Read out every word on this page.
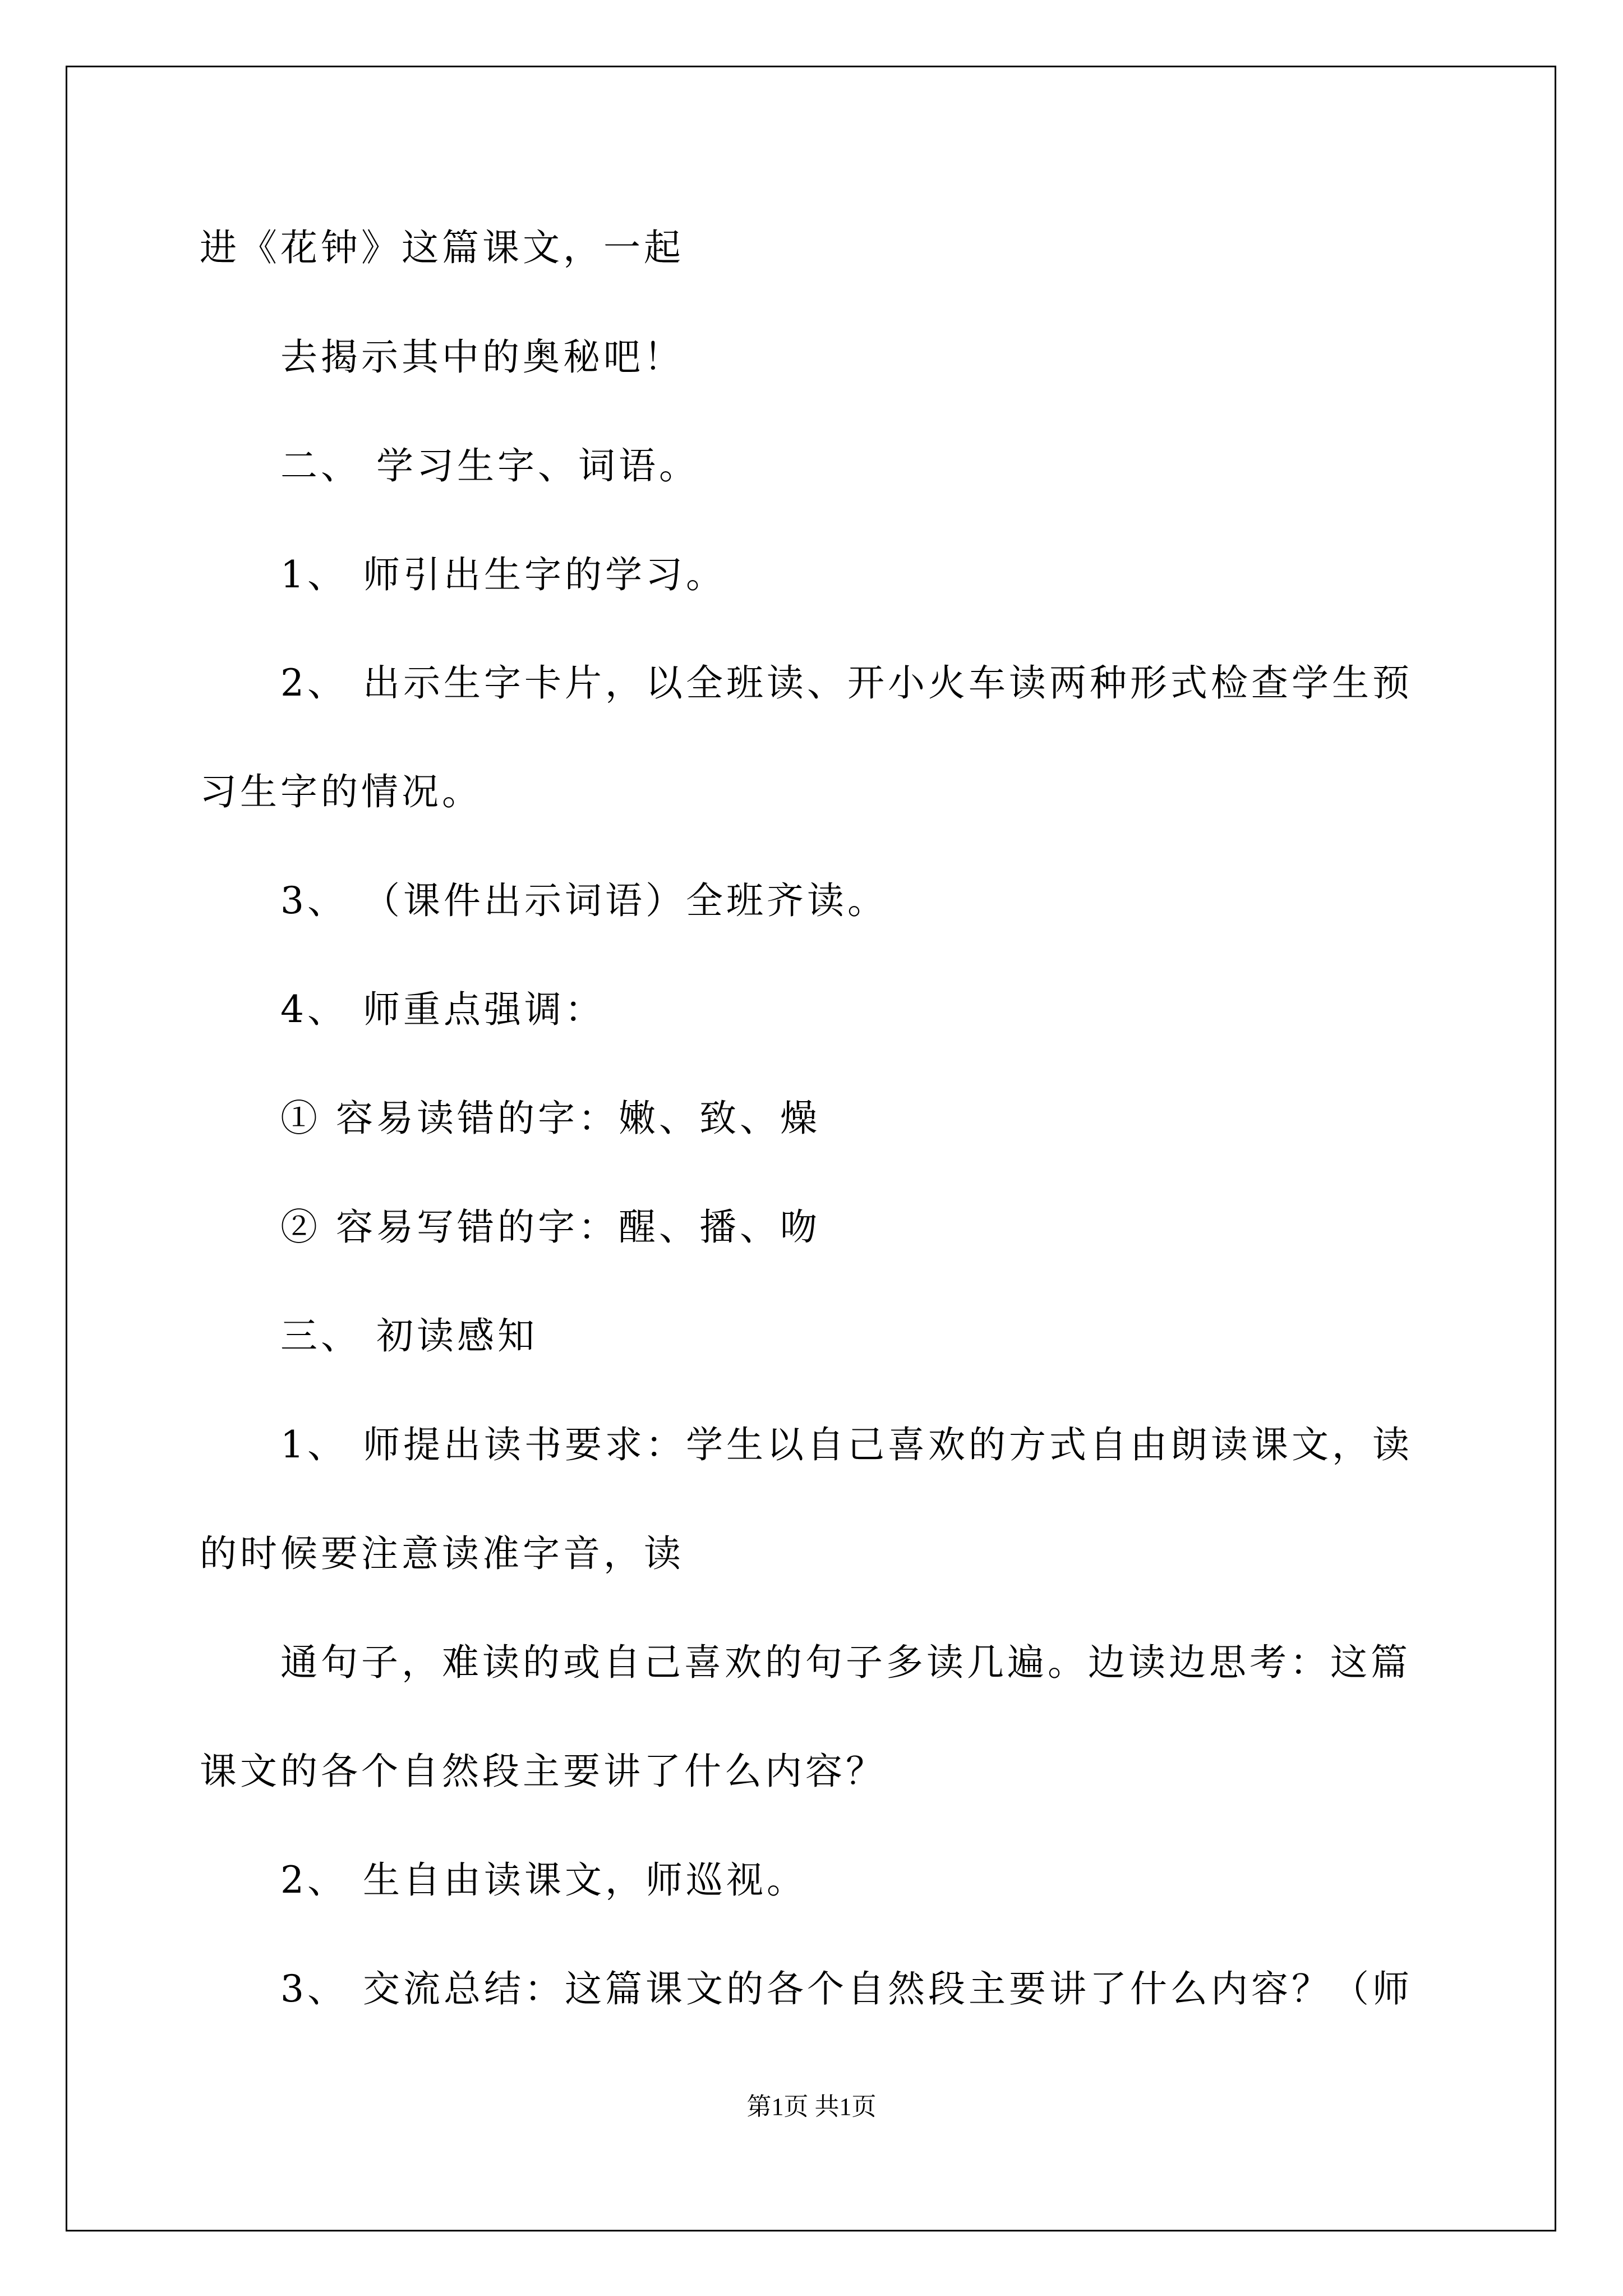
进《花钟》这篇课文，一起
去揭示其中的奥秘吧！
二、 学习生字、词语。
1、 师引出生字的学习。
2、 出示生字卡片，以全班读、开小火车读两种形式检查学生预
习生字的情况。
3、 （课件出示词语）全班齐读。
4、 师重点强调：
① 容易读错的字：嫩、致、燥
② 容易写错的字：醒、播、吻
三、 初读感知
1、 师提出读书要求：学生以自己喜欢的方式自由朗读课文，读
的时候要注意读准字音，读
通句子，难读的或自己喜欢的句子多读几遍。边读边思考：这篇
课文的各个自然段主要讲了什么内容？
2、 生自由读课文，师巡视。
3、 交流总结：这篇课文的各个自然段主要讲了什么内容？（师
第1页 共1页
